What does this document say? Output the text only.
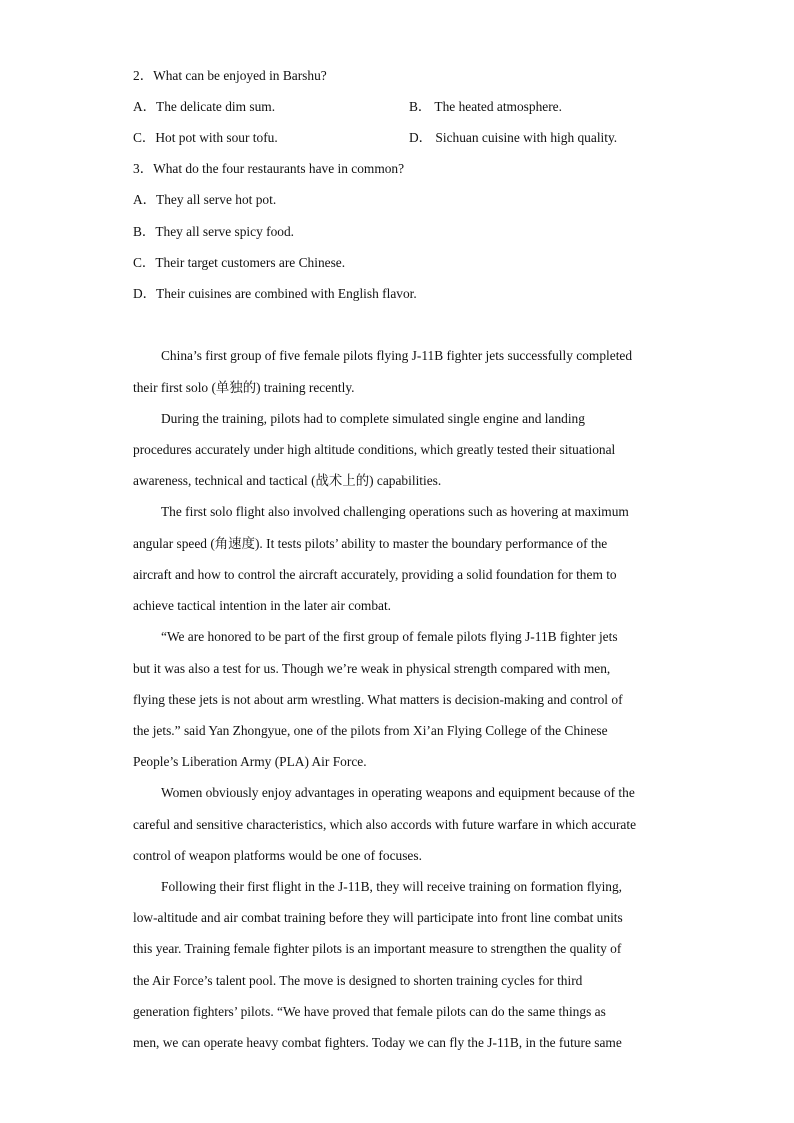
2．What can be enjoyed in Barshu?
A．The delicate dim sum.	B． The heated atmosphere.
C．Hot pot with sour tofu.	D． Sichuan cuisine with high quality.
3．What do the four restaurants have in common?
A．They all serve hot pot.
B．They all serve spicy food.
C．Their target customers are Chinese.
D．Their cuisines are combined with English flavor.
China’s first group of five female pilots flying J-11B fighter jets successfully completed
their first solo (单独的) training recently.
During the training, pilots had to complete simulated single engine and landing
procedures accurately under high altitude conditions, which greatly tested their situational
awareness, technical and tactical (战术上的) capabilities.
The first solo flight also involved challenging operations such as hovering at maximum
angular speed (角速度). It tests pilots’ ability to master the boundary performance of the
aircraft and how to control the aircraft accurately, providing a solid foundation for them to
achieve tactical intention in the later air combat.
“We are honored to be part of the first group of female pilots flying J-11B fighter jets
but it was also a test for us. Though we’re weak in physical strength compared with men,
flying these jets is not about arm wrestling. What matters is decision-making and control of
the jets.” said Yan Zhongyue, one of the pilots from Xi’an Flying College of the Chinese
People’s Liberation Army (PLA) Air Force.
Women obviously enjoy advantages in operating weapons and equipment because of the
careful and sensitive characteristics, which also accords with future warfare in which accurate
control of weapon platforms would be one of focuses.
Following their first flight in the J-11B, they will receive training on formation flying,
low-altitude and air combat training before they will participate into front line combat units
this year. Training female fighter pilots is an important measure to strengthen the quality of
the Air Force’s talent pool. The move is designed to shorten training cycles for third
generation fighters’ pilots. “We have proved that female pilots can do the same things as
men, we can operate heavy combat fighters. Today we can fly the J-11B, in the future same
